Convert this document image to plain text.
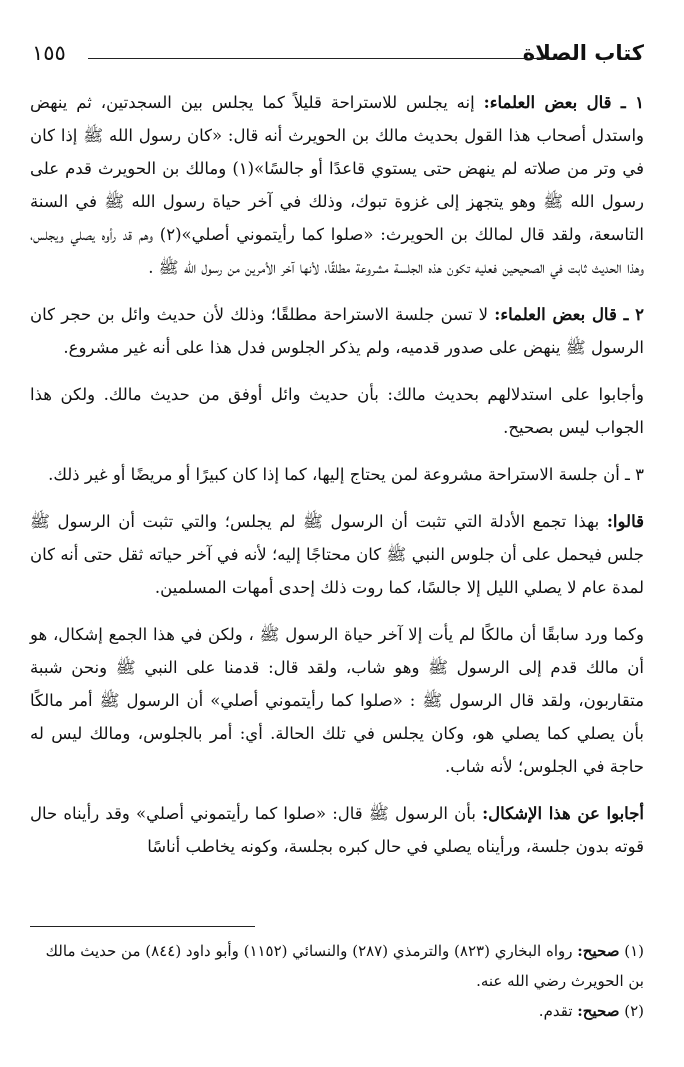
كتاب الصلاة
١٥٥

١ ـ قال بعض العلماء: إنه يجلس للاستراحة قليلاً كما يجلس بين السجدتين، ثم ينهض واستدل أصحاب هذا القول بحديث مالك بن الحويرث أنه قال: «كان رسول الله ﷺ إذا كان في وتر من صلاته لم ينهض حتى يستوي قاعدًا أو جالسًا»(١) ومالك بن الحويرث قدم على رسول الله ﷺ وهو يتجهز إلى غزوة تبوك، وذلك في آخر حياة رسول الله ﷺ في السنة التاسعة، ولقد قال لمالك بن الحويرث: «صلوا كما رأيتموني أصلي»(٢) وهم قد رأوه يصلي ويجلس، وهذا الحديث ثابت في الصحيحين فعليه تكون هذه الجلسة مشروعة مطلقًا، لأنها آخر الأمرين من رسول الله ﷺ .

٢ ـ قال بعض العلماء: لا تسن جلسة الاستراحة مطلقًا؛ وذلك لأن حديث وائل بن حجر كان الرسول ﷺ ينهض على صدور قدميه، ولم يذكر الجلوس فدل هذا على أنه غير مشروع.

وأجابوا على استدلالهم بحديث مالك: بأن حديث وائل أوفق من حديث مالك. ولكن هذا الجواب ليس بصحيح.

٣ ـ أن جلسة الاستراحة مشروعة لمن يحتاج إليها، كما إذا كان كبيرًا أو مريضًا أو غير ذلك.

قالوا: بهذا تجمع الأدلة التي تثبت أن الرسول ﷺ لم يجلس؛ والتي تثبت أن الرسول ﷺ جلس فيحمل على أن جلوس النبي ﷺ كان محتاجًا إليه؛ لأنه في آخر حياته ثقل حتى أنه كان لمدة عام لا يصلي الليل إلا جالسًا، كما روت ذلك إحدى أمهات المسلمين.

وكما ورد سابقًا أن مالكًا لم يأت إلا آخر حياة الرسول ﷺ ، ولكن في هذا الجمع إشكال، هو أن مالك قدم إلى الرسول ﷺ وهو شاب، ولقد قال: قدمنا على النبي ﷺ ونحن شببة متقاربون، ولقد قال الرسول ﷺ : «صلوا كما رأيتموني أصلي» أن الرسول ﷺ أمر مالكًا بأن يصلي كما يصلي هو، وكان يجلس في تلك الحالة. أي: أمر بالجلوس، ومالك ليس له حاجة في الجلوس؛ لأنه شاب.

أجابوا عن هذا الإشكال: بأن الرسول ﷺ قال: «صلوا كما رأيتموني أصلي» وقد رأيناه حال قوته بدون جلسة، ورأيناه يصلي في حال كبره بجلسة، وكونه يخاطب أناسًا

(١) صحيح: رواه البخاري (٨٢٣) والترمذي (٢٨٧) والنسائي (١١٥٢) وأبو داود (٨٤٤) من حديث مالك بن الحويرث رضي الله عنه.
(٢) صحيح: تقدم.
